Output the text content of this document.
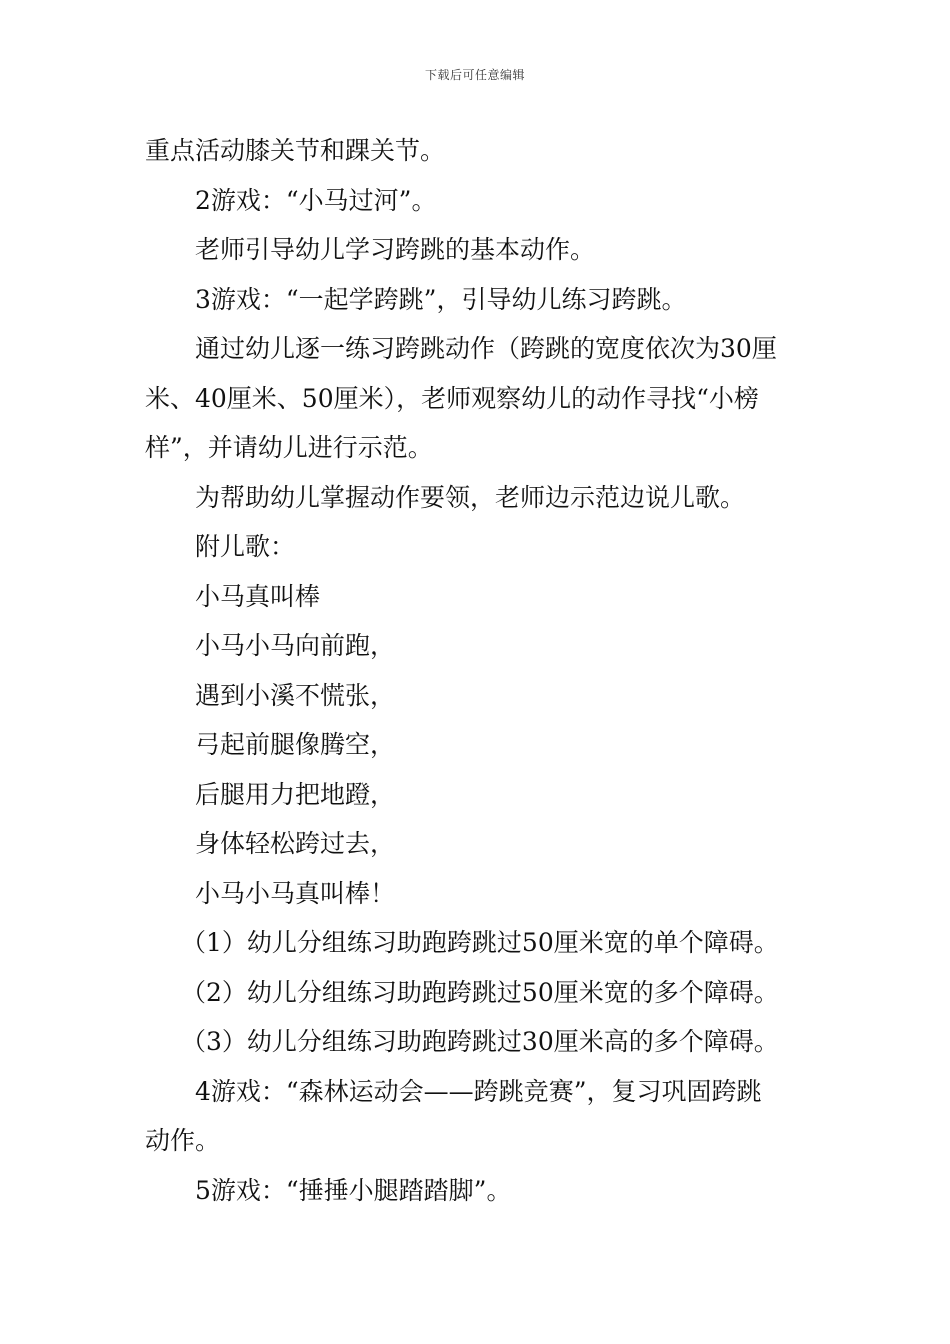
下载后可任意编辑
重点活动膝关节和踝关节。
2游戏：“小马过河”。
老师引导幼儿学习跨跳的基本动作。
3游戏：“一起学跨跳”，引导幼儿练习跨跳。
通过幼儿逐一练习跨跳动作（跨跳的宽度依次为30厘
米、40厘米、50厘米），老师观察幼儿的动作寻找“小榜
样”，并请幼儿进行示范。
为帮助幼儿掌握动作要领，老师边示范边说儿歌。
附儿歌：
小马真叫棒
小马小马向前跑，
遇到小溪不慌张，
弓起前腿像腾空，
后腿用力把地蹬，
身体轻松跨过去，
小马小马真叫棒！
（1）幼儿分组练习助跑跨跳过50厘米宽的单个障碍。
（2）幼儿分组练习助跑跨跳过50厘米宽的多个障碍。
（3）幼儿分组练习助跑跨跳过30厘米高的多个障碍。
4游戏：“森林运动会——跨跳竞赛”，复习巩固跨跳
动作。
5游戏：“捶捶小腿踏踏脚”。
